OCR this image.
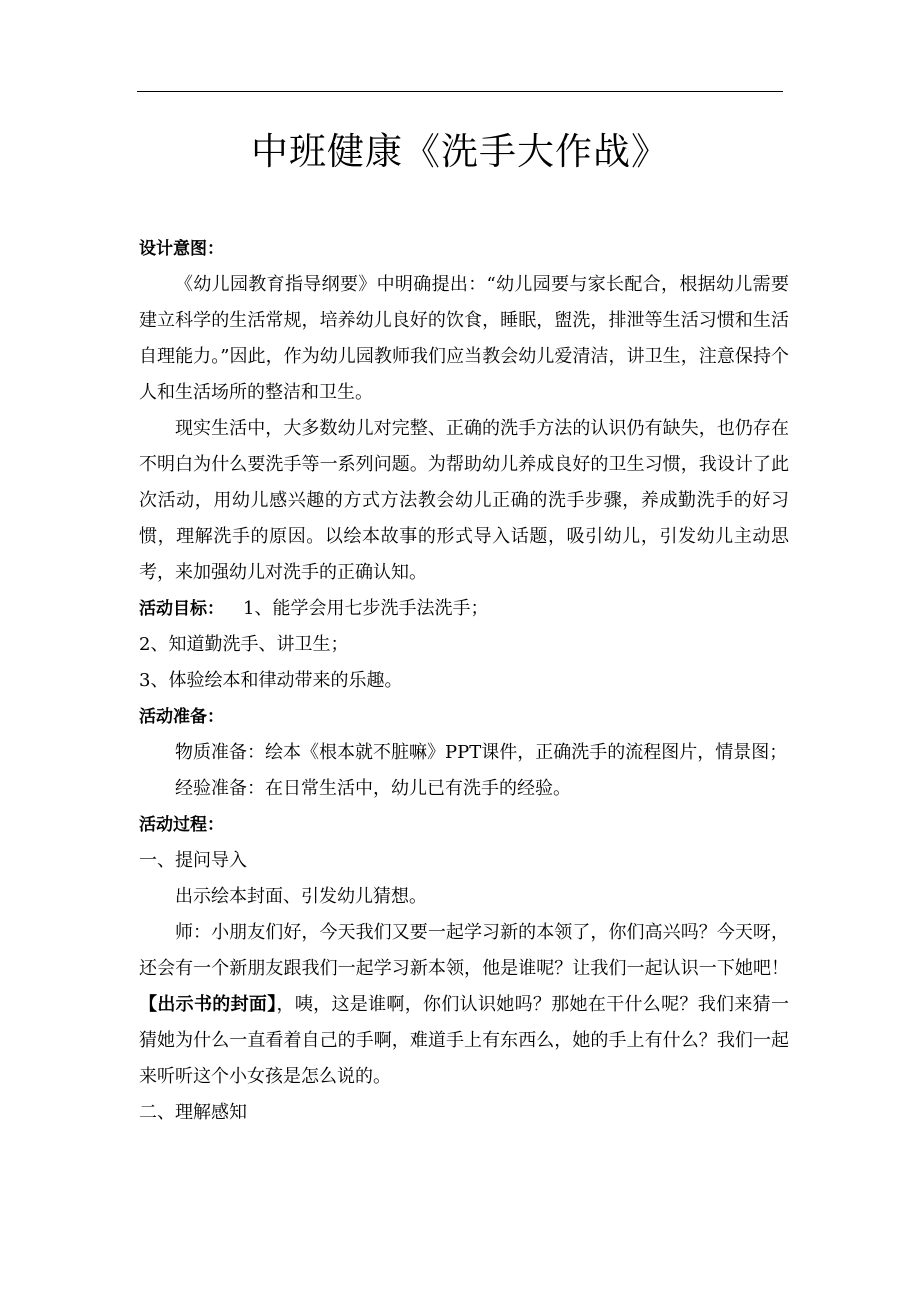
中班健康《洗手大作战》

设计意图：

《幼儿园教育指导纲要》中明确提出：“幼儿园要与家长配合，根据幼儿需要建立科学的生活常规，培养幼儿良好的饮食，睡眠，盥洗，排泄等生活习惯和生活自理能力。”因此，作为幼儿园教师我们应当教会幼儿爱清洁，讲卫生，注意保持个人和生活场所的整洁和卫生。

现实生活中，大多数幼儿对完整、正确的洗手方法的认识仍有缺失，也仍存在不明白为什么要洗手等一系列问题。为帮助幼儿养成良好的卫生习惯，我设计了此次活动，用幼儿感兴趣的方式方法教会幼儿正确的洗手步骤，养成勤洗手的好习惯，理解洗手的原因。以绘本故事的形式导入话题，吸引幼儿，引发幼儿主动思考，来加强幼儿对洗手的正确认知。

活动目标：	1、能学会用七步洗手法洗手；

2、知道勤洗手、讲卫生；

3、体验绘本和律动带来的乐趣。

活动准备：

物质准备：绘本《根本就不脏嘛》PPT课件，正确洗手的流程图片，情景图；

经验准备：在日常生活中，幼儿已有洗手的经验。

活动过程：

一、提问导入

出示绘本封面、引发幼儿猜想。

师：小朋友们好，今天我们又要一起学习新的本领了，你们高兴吗？今天呀，还会有一个新朋友跟我们一起学习新本领，他是谁呢？让我们一起认识一下她吧！【出示书的封面】，咦，这是谁啊，你们认识她吗？那她在干什么呢？我们来猜一猜她为什么一直看着自己的手啊，难道手上有东西么，她的手上有什么？我们一起来听听这个小女孩是怎么说的。

二、理解感知
